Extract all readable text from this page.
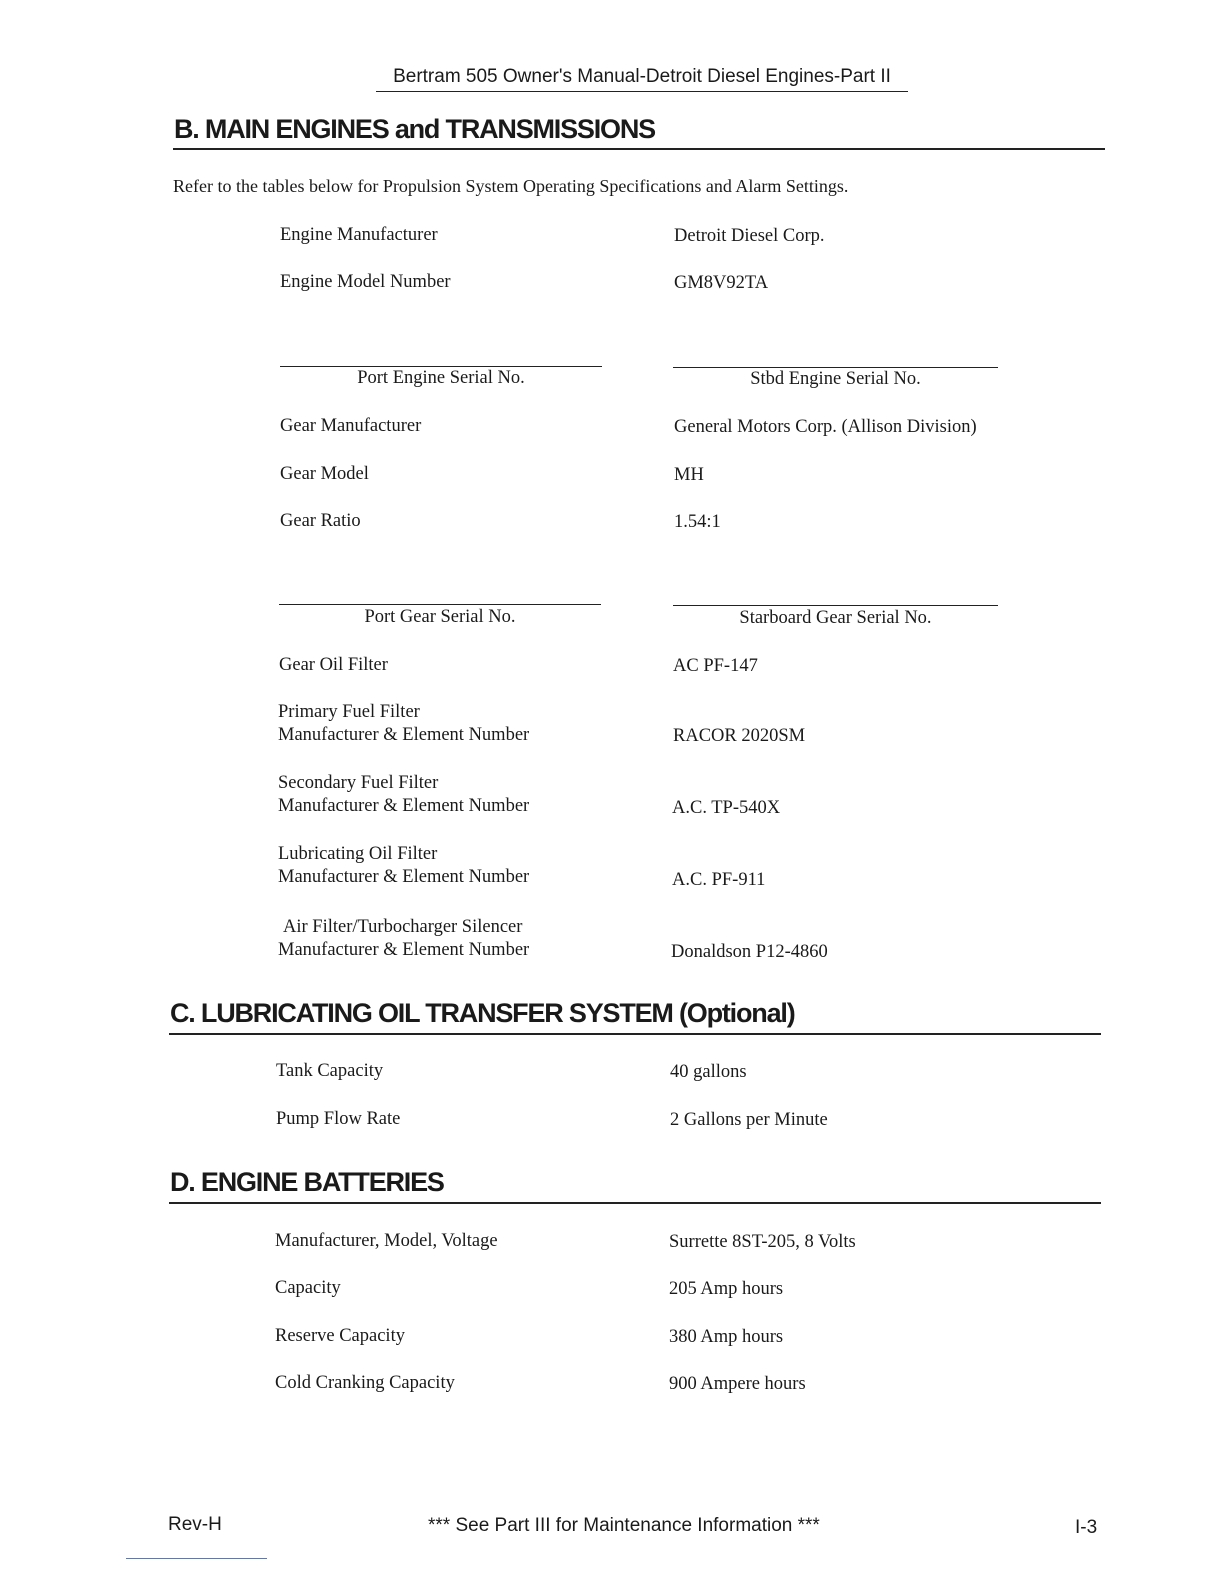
Bertram 505 Owner's Manual-Detroit Diesel Engines-Part II
B. MAIN ENGINES and TRANSMISSIONS
Refer to the tables below for Propulsion System Operating Specifications and Alarm Settings.
Engine Manufacturer	Detroit Diesel Corp.
Engine Model Number	GM8V92TA
Port Engine Serial No.	Stbd Engine Serial No.
Gear Manufacturer	General Motors Corp. (Allison Division)
Gear Model	MH
Gear Ratio	1.54:1
Port Gear Serial No.	Starboard Gear Serial No.
Gear Oil Filter	AC PF-147
Primary Fuel Filter
Manufacturer & Element Number	RACOR 2020SM
Secondary Fuel Filter
Manufacturer & Element Number	A.C. TP-540X
Lubricating Oil Filter
Manufacturer & Element Number	A.C. PF-911
Air Filter/Turbocharger Silencer
Manufacturer & Element Number	Donaldson P12-4860
C. LUBRICATING OIL TRANSFER SYSTEM (Optional)
Tank Capacity	40 gallons
Pump Flow Rate	2 Gallons per Minute
D. ENGINE BATTERIES
Manufacturer, Model, Voltage	Surrette 8ST-205, 8 Volts
Capacity	205 Amp hours
Reserve Capacity	380 Amp hours
Cold Cranking Capacity	900 Ampere hours
Rev-H	*** See Part III for Maintenance Information ***	I-3
